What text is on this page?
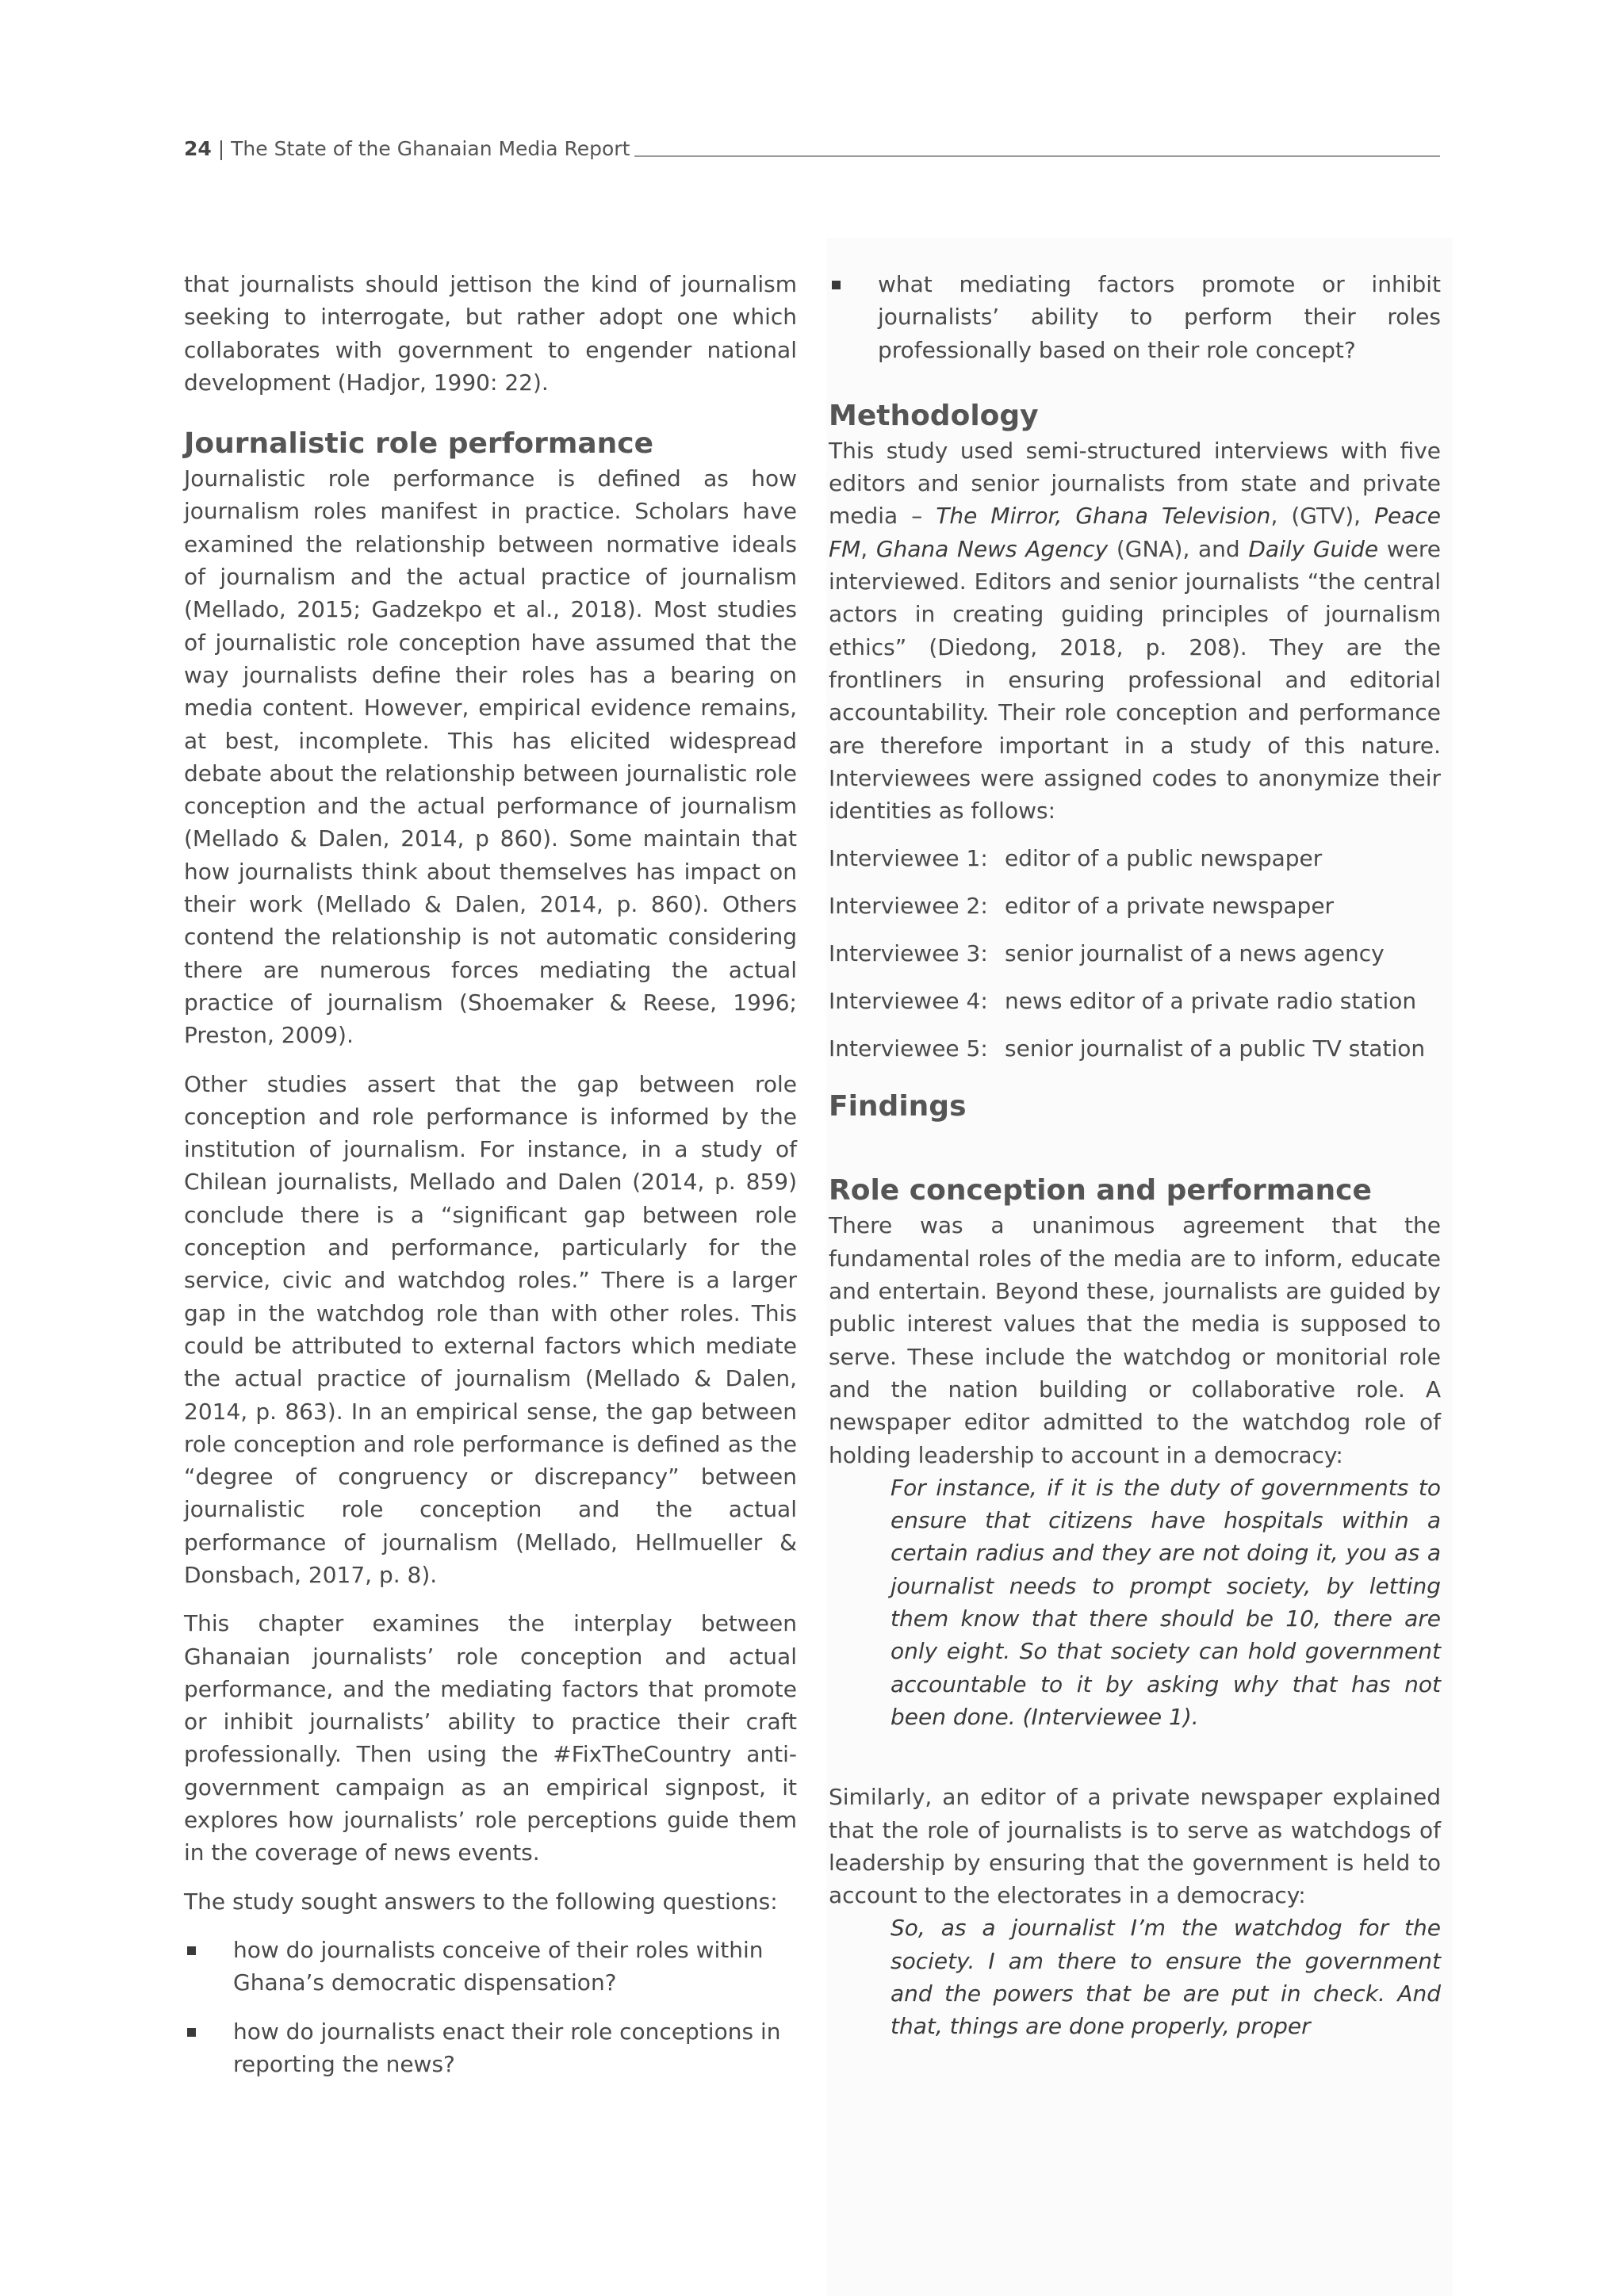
24 | The State of the Ghanaian Media Report

that journalists should jettison the kind of journalism seeking to interrogate, but rather adopt one which collaborates with government to engender national development (Hadjor, 1990: 22).

Journalistic role performance

Journalistic role performance is defined as how journalism roles manifest in practice. Scholars have examined the relationship between normative ideals of journalism and the actual practice of journalism (Mellado, 2015; Gadzekpo et al., 2018). Most studies of journalistic role conception have assumed that the way journalists define their roles has a bearing on media content. However, empirical evidence remains, at best, incomplete. This has elicited widespread debate about the relationship between journalistic role conception and the actual performance of journalism (Mellado & Dalen, 2014, p 860). Some maintain that how journalists think about themselves has impact on their work (Mellado & Dalen, 2014, p. 860). Others contend the relationship is not automatic considering there are numerous forces mediating the actual practice of journalism (Shoemaker & Reese, 1996; Preston, 2009).

Other studies assert that the gap between role conception and role performance is informed by the institution of journalism. For instance, in a study of Chilean journalists, Mellado and Dalen (2014, p. 859) conclude there is a “significant gap between role conception and performance, particularly for the service, civic and watchdog roles.” There is a larger gap in the watchdog role than with other roles. This could be attributed to external factors which mediate the actual practice of journalism (Mellado & Dalen, 2014, p. 863). In an empirical sense, the gap between role conception and role performance is defined as the “degree of congruency or discrepancy” between journalistic role conception and the actual performance of journalism (Mellado, Hellmueller & Donsbach, 2017, p. 8).

This chapter examines the interplay between Ghanaian journalists’ role conception and actual performance, and the mediating factors that promote or inhibit journalists’ ability to practice their craft professionally. Then using the #FixTheCountry anti-government campaign as an empirical signpost, it explores how journalists’ role perceptions guide them in the coverage of news events.

The study sought answers to the following questions:

how do journalists conceive of their roles within Ghana’s democratic dispensation?
how do journalists enact their role conceptions in reporting the news?
what mediating factors promote or inhibit journalists’ ability to perform their roles professionally based on their role concept?
Methodology

This study used semi-structured interviews with five editors and senior journalists from state and private media – The Mirror, Ghana Television, (GTV), Peace FM, Ghana News Agency (GNA), and Daily Guide were interviewed. Editors and senior journalists “the central actors in creating guiding principles of journalism ethics” (Diedong, 2018, p. 208). They are the frontliners in ensuring professional and editorial accountability. Their role conception and performance are therefore important in a study of this nature. Interviewees were assigned codes to anonymize their identities as follows:

Interviewee 1: editor of a public newspaper
Interviewee 2: editor of a private newspaper
Interviewee 3: senior journalist of a news agency
Interviewee 4: news editor of a private radio station
Interviewee 5: senior journalist of a public TV station
Findings
Role conception and performance

There was a unanimous agreement that the fundamental roles of the media are to inform, educate and entertain. Beyond these, journalists are guided by public interest values that the media is supposed to serve. These include the watchdog or monitorial role and the nation building or collaborative role. A newspaper editor admitted to the watchdog role of holding leadership to account in a democracy:

For instance, if it is the duty of governments to ensure that citizens have hospitals within a certain radius and they are not doing it, you as a journalist needs to prompt society, by letting them know that there should be 10, there are only eight. So that society can hold government accountable to it by asking why that has not been done. (Interviewee 1).

Similarly, an editor of a private newspaper explained that the role of journalists is to serve as watchdogs of leadership by ensuring that the government is held to account to the electorates in a democracy:

So, as a journalist I’m the watchdog for the society. I am there to ensure the government and the powers that be are put in check. And that, things are done properly, proper
